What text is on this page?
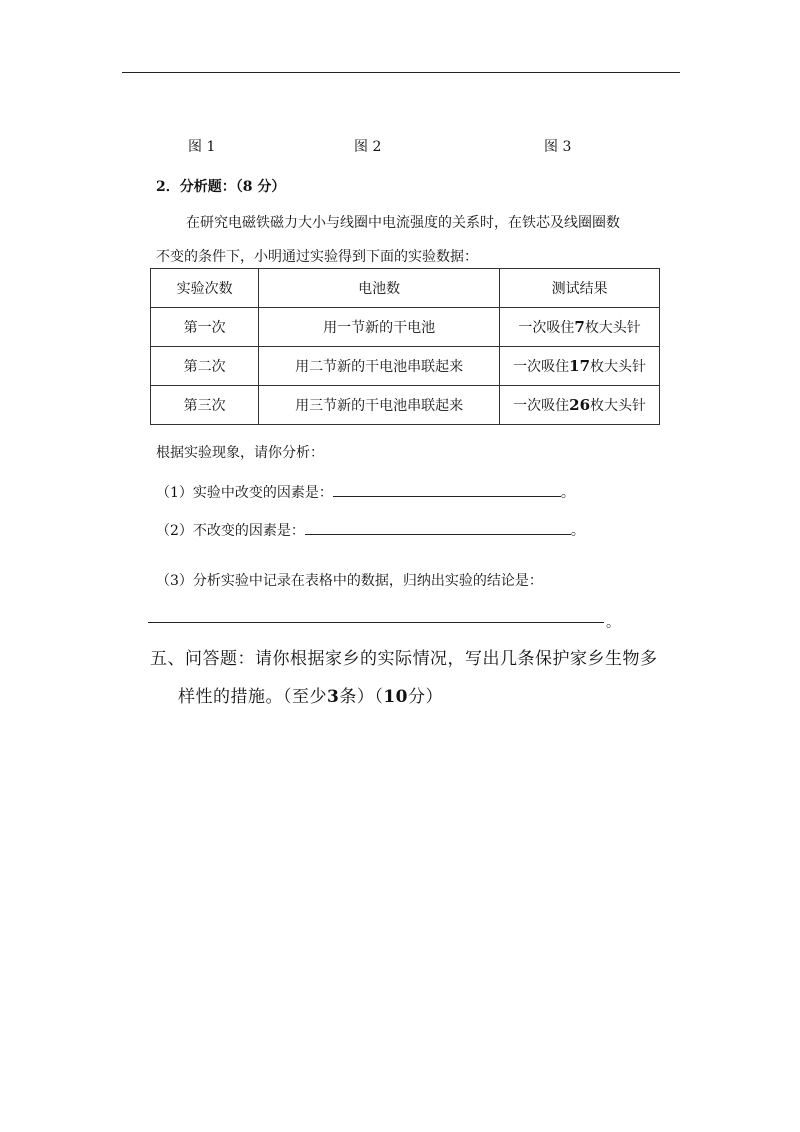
图 1	图 2	图 3
2．分析题：（8 分）
在研究电磁铁磁力大小与线圈中电流强度的关系时，在铁芯及线圈圈数
不变的条件下，小明通过实验得到下面的实验数据：
实验次数	电池数	测试结果
第一次	用一节新的干电池	一次吸住7枚大头针
第二次	用二节新的干电池串联起来	一次吸住17枚大头针
第三次	用三节新的干电池串联起来	一次吸住26枚大头针
根据实验现象，请你分析：
（1）实验中改变的因素是：	。
（2）不改变的因素是：	。
（3）分析实验中记录在表格中的数据，归纳出实验的结论是：
。
五、问答题：请你根据家乡的实际情况，写出几条保护家乡生物多
样性的措施。（至少3条）（10分）
